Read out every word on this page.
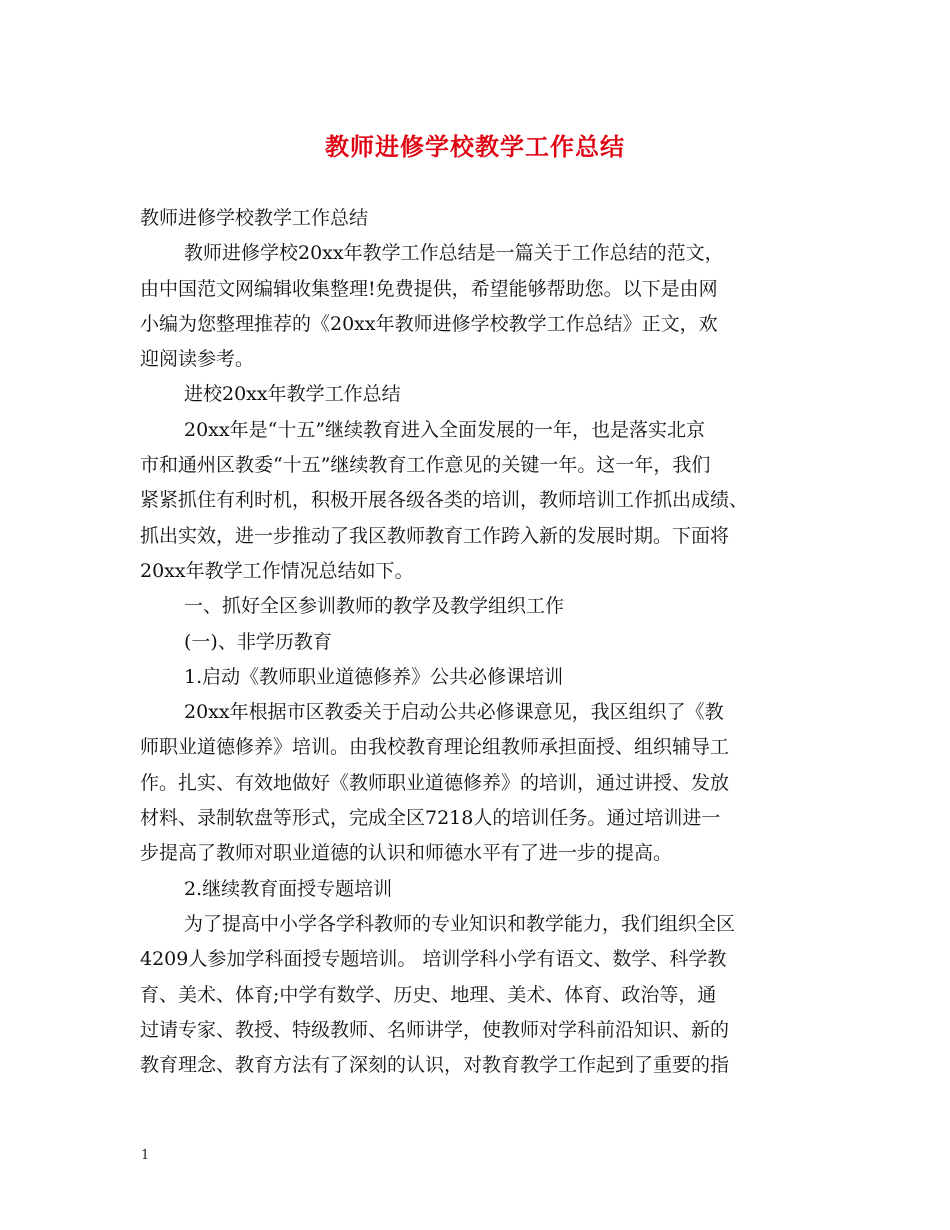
教师进修学校教学工作总结
教师进修学校教学工作总结
教师进修学校20xx年教学工作总结是一篇关于工作总结的范文，
由中国范文网编辑收集整理!免费提供，希望能够帮助您。以下是由网
小编为您整理推荐的《20xx年教师进修学校教学工作总结》正文，欢
迎阅读参考。
进校20xx年教学工作总结
20xx年是“十五”继续教育进入全面发展的一年，也是落实北京
市和通州区教委“十五”继续教育工作意见的关键一年。这一年，我们
紧紧抓住有利时机，积极开展各级各类的培训，教师培训工作抓出成绩、
抓出实效，进一步推动了我区教师教育工作跨入新的发展时期。下面将
20xx年教学工作情况总结如下。
一、抓好全区参训教师的教学及教学组织工作
(一)、非学历教育
1.启动《教师职业道德修养》公共必修课培训
20xx年根据市区教委关于启动公共必修课意见，我区组织了《教
师职业道德修养》培训。由我校教育理论组教师承担面授、组织辅导工
作。扎实、有效地做好《教师职业道德修养》的培训，通过讲授、发放
材料、录制软盘等形式，完成全区7218人的培训任务。通过培训进一
步提高了教师对职业道德的认识和师德水平有了进一步的提高。
2.继续教育面授专题培训
为了提高中小学各学科教师的专业知识和教学能力，我们组织全区
4209人参加学科面授专题培训。 培训学科小学有语文、数学、科学教
育、美术、体育;中学有数学、历史、地理、美术、体育、政治等，通
过请专家、教授、特级教师、名师讲学，使教师对学科前沿知识、新的
教育理念、教育方法有了深刻的认识，对教育教学工作起到了重要的指
1
